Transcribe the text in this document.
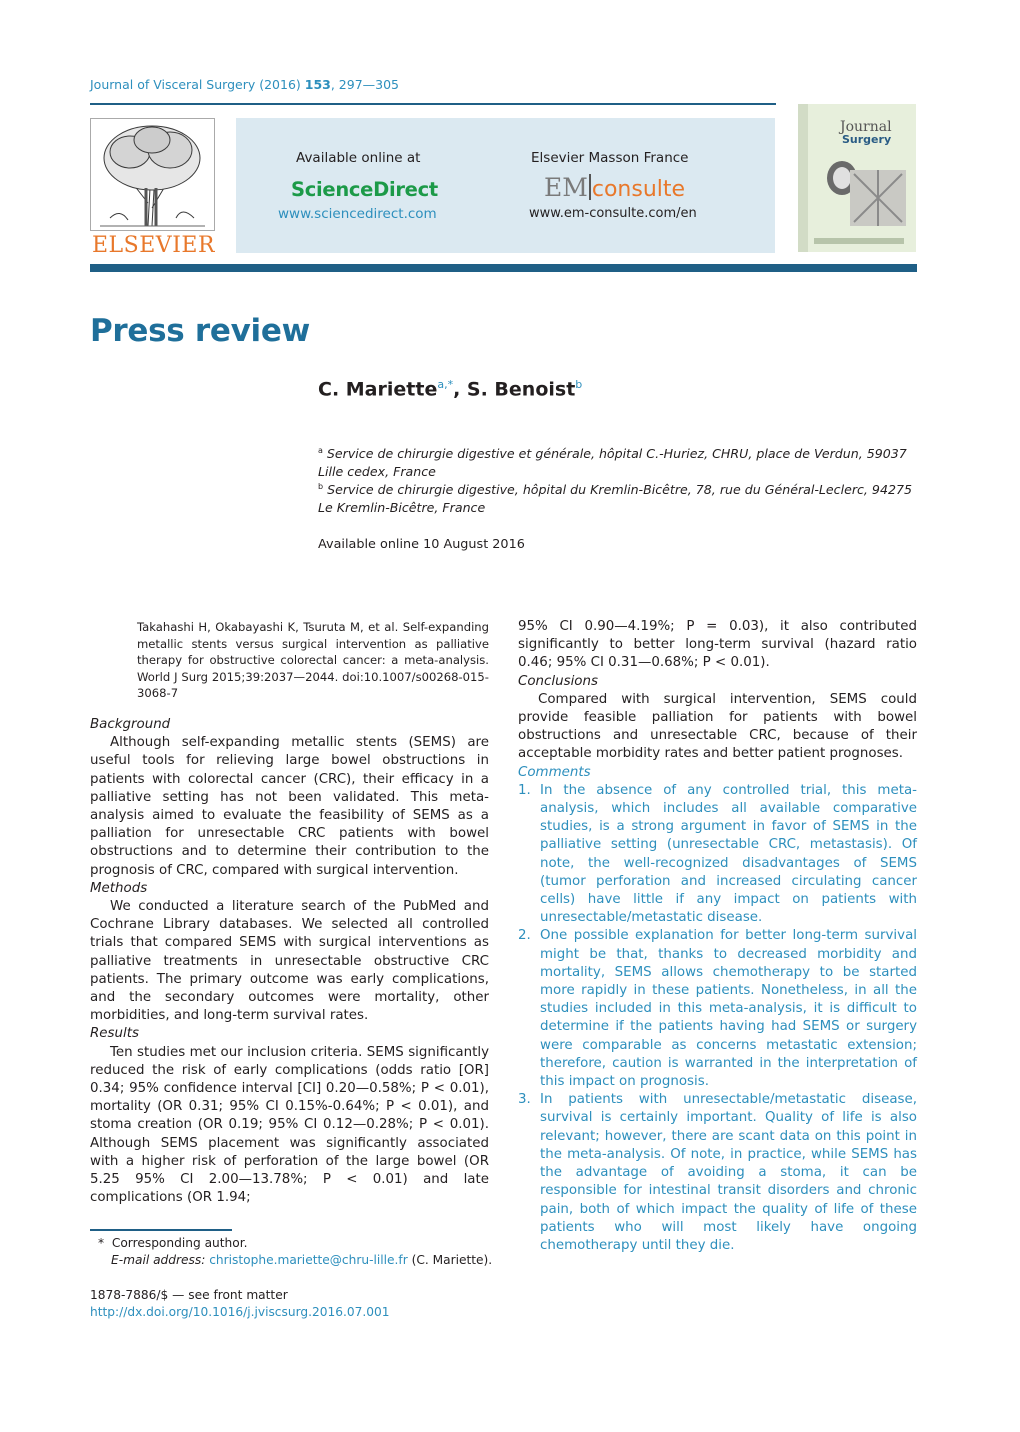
Journal of Visceral Surgery (2016) 153, 297—305
ELSEVIER
Available online at
ScienceDirect
www.sciencedirect.com
Elsevier Masson France
EM consulte
www.em-consulte.com/en
Journal
Surgery
Press review
C. Mariette$^{a,*}$, S. Benoist$^b$
$^a$ Service de chirurgie digestive et générale, hôpital C.-Huriez, CHRU, place de Verdun, 59037 Lille cedex, France
$^b$ Service de chirurgie digestive, hôpital du Kremlin-Bicêtre, 78, rue du Général-Leclerc, 94275 Le Kremlin-Bicêtre, France
Available online 10 August 2016
Takahashi H, Okabayashi K, Tsuruta M, et al. Self-expanding metallic stents versus surgical intervention as palliative therapy for obstructive colorectal cancer: a meta-analysis. World J Surg 2015;39:2037—2044. doi:10.1007/s00268-015-3068-7

Background

Although self-expanding metallic stents (SEMS) are useful tools for relieving large bowel obstructions in patients with colorectal cancer (CRC), their efficacy in a palliative setting has not been validated. This meta-analysis aimed to evaluate the feasibility of SEMS as a palliation for unresectable CRC patients with bowel obstructions and to determine their contribution to the prognosis of CRC, compared with surgical intervention.

Methods

We conducted a literature search of the PubMed and Cochrane Library databases. We selected all controlled trials that compared SEMS with surgical interventions as palliative treatments in unresectable obstructive CRC patients. The primary outcome was early complications, and the secondary outcomes were mortality, other morbidities, and long-term survival rates.

Results

Ten studies met our inclusion criteria. SEMS significantly reduced the risk of early complications (odds ratio [OR] 0.34; 95% confidence interval [CI] 0.20—0.58%; P < 0.01), mortality (OR 0.31; 95% CI 0.15%-0.64%; P < 0.01), and stoma creation (OR 0.19; 95% CI 0.12—0.28%; P < 0.01). Although SEMS placement was significantly associated with a higher risk of perforation of the large bowel (OR 5.25 95% CI 2.00—13.78%; P < 0.01) and late complications (OR 1.94;

95% CI 0.90—4.19%; P = 0.03), it also contributed significantly to better long-term survival (hazard ratio 0.46; 95% CI 0.31—0.68%; P < 0.01).

Conclusions

Compared with surgical intervention, SEMS could provide feasible palliation for patients with bowel obstructions and unresectable CRC, because of their acceptable morbidity rates and better patient prognoses.

Comments

1. In the absence of any controlled trial, this meta-analysis, which includes all available comparative studies, is a strong argument in favor of SEMS in the palliative setting (unresectable CRC, metastasis). Of note, the well-recognized disadvantages of SEMS (tumor perforation and increased circulating cancer cells) have little if any impact on patients with unresectable/metastatic disease.
2. One possible explanation for better long-term survival might be that, thanks to decreased morbidity and mortality, SEMS allows chemotherapy to be started more rapidly in these patients. Nonetheless, in all the studies included in this meta-analysis, it is difficult to determine if the patients having had SEMS or surgery were comparable as concerns metastatic extension; therefore, caution is warranted in the interpretation of this impact on prognosis.
3. In patients with unresectable/metastatic disease, survival is certainly important. Quality of life is also relevant; however, there are scant data on this point in the meta-analysis. Of note, in practice, while SEMS has the advantage of avoiding a stoma, it can be responsible for intestinal transit disorders and chronic pain, both of which impact the quality of life of these patients who will most likely have ongoing chemotherapy until they die.
* Corresponding author.
E-mail address: christophe.mariette@chru-lille.fr (C. Mariette).
1878-7886/$ — see front matter
http://dx.doi.org/10.1016/j.jviscsurg.2016.07.001
